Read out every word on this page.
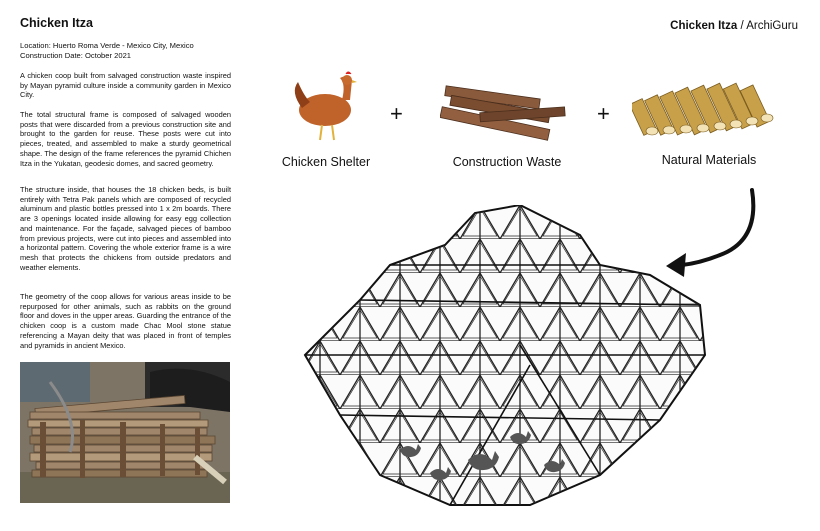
Chicken Itza	Chicken Itza / ArchiGuru
Location: Huerto Roma Verde - Mexico City, Mexico
Construction Date: October 2021
A chicken coop built from salvaged construction waste inspired by Mayan pyramid culture inside a community garden in Mexico City.
The total structural frame is composed of salvaged wooden posts that were discarded from a previous construction site and brought to the garden for reuse. These posts were cut into pieces, treated, and assembled to make a sturdy geometrical shape. The design of the frame references the pyramid Chichen Itza in the Yukatan, geodesic domes, and sacred geometry.
The structure inside, that houses the 18 chicken beds, is built entirely with Tetra Pak panels which are composed of recycled aluminum and plastic bottles pressed into 1 x 2m boards. There are 3 openings located inside allowing for easy egg collection and maintenance. For the façade, salvaged pieces of bamboo from previous projects, were cut into pieces and assembled into a horizontal pattern. Covering the whole exterior frame is a wire mesh that protects the chickens from outside predators and weather elements.
The geometry of the coop allows for various areas inside to be repurposed for other animals, such as rabbits on the ground floor and doves in the upper areas. Guarding the entrance of the chicken coop is a custom made Chac Mool stone statue referencing a Mayan deity that was placed in front of temples and pyramids in ancient Mexico.
+	+
Chicken Shelter	Construction Waste	Natural Materials
